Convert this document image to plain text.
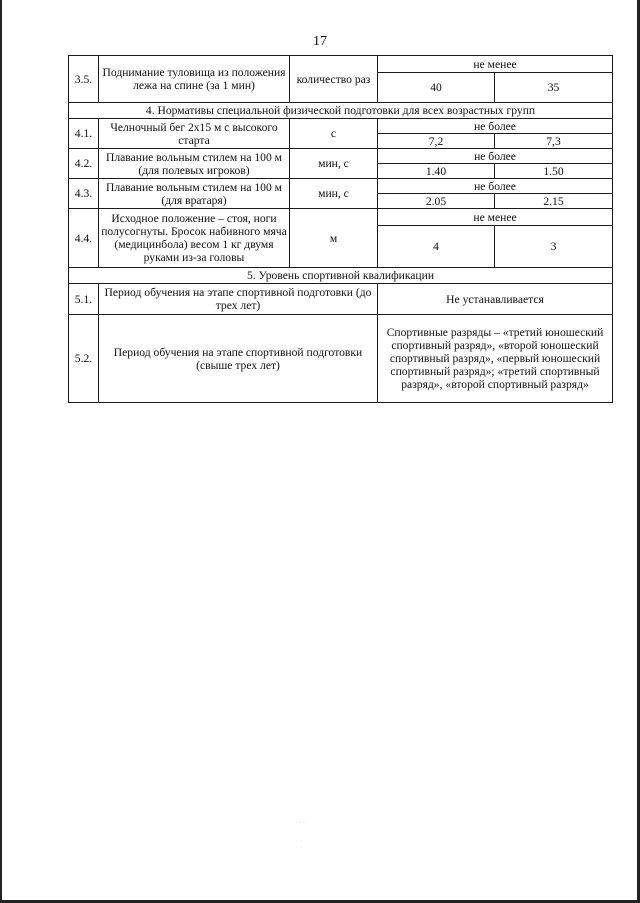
17
3.5.	Поднимание туловища из положения лежа на спине (за 1 мин)	количество раз	не менее	
			40	35
4. Нормативы специальной физической подготовки для всех возрастных групп				
4.1.	Челночный бег 2х15 м с высокого старта	с	не более	
			7,2	7,3
4.2.	Плавание вольным стилем на 100 м (для полевых игроков)	мин, с	не более	
			1.40	1.50
4.3.	Плавание вольным стилем на 100 м (для вратаря)	мин, с	не более	
			2.05	2.15
4.4.	Исходное положение – стоя, ноги полусогнуты. Бросок набивного мяча (медицинбола) весом 1 кг двумя руками из-за головы	м	не менее	
			4	3
5. Уровень спортивной квалификации				
5.1.	Период обучения на этапе спортивной подготовки (до трех лет)		Не устанавливается	
5.2.	Период обучения на этапе спортивной подготовки (свыше трех лет)		Спортивные разряды – «третий юношеский спортивный разряд», «второй юношеский спортивный разряд», «первый юношеский спортивный разряд»; «третий спортивный разряд», «второй спортивный разряд»	
· · ·
·
